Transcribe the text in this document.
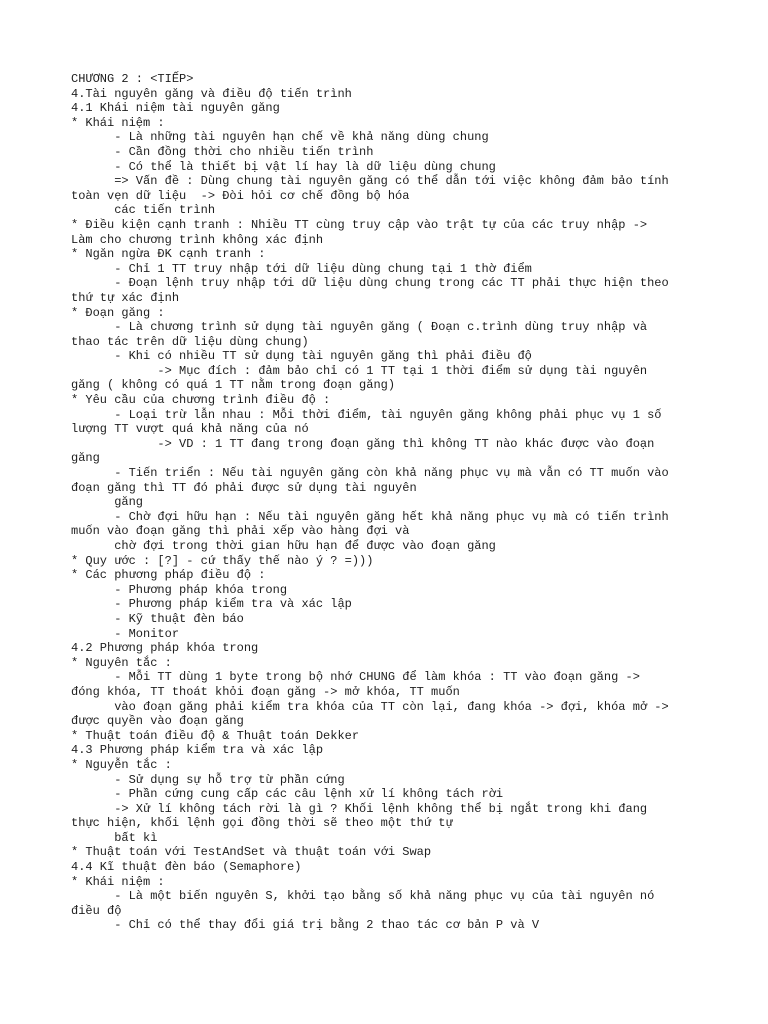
CHƯƠNG 2 : <TIẾP>
4.Tài nguyên găng và điều độ tiến trình
4.1 Khái niệm tài nguyên găng
* Khái niệm :
- Là những tài nguyên hạn chế về khả năng dùng chung
- Cần đồng thời cho nhiều tiến trình
- Có thể là thiết bị vật lí hay là dữ liệu dùng chung
=> Vấn đề : Dùng chung tài nguyên găng có thể dẫn tới việc không đảm bảo tính
toàn vẹn dữ liệu  -> Đòi hỏi cơ chế đồng bộ hóa
các tiến trình
* Điều kiện cạnh tranh : Nhiều TT cùng truy cập vào trật tự của các truy nhập ->
Làm cho chương trình không xác định
* Ngăn ngừa ĐK cạnh tranh :
- Chỉ 1 TT truy nhập tới dữ liệu dùng chung tại 1 thờ điểm
- Đoạn lệnh truy nhập tới dữ liệu dùng chung trong các TT phải thực hiện theo
thứ tự xác định
* Đoạn găng :
- Là chương trình sử dụng tài nguyên găng ( Đoạn c.trình dùng truy nhập và
thao tác trên dữ liệu dùng chung)
- Khi có nhiều TT sử dụng tài nguyên găng thì phải điều độ
-> Mục đích : đảm bảo chỉ có 1 TT tại 1 thời điểm sử dụng tài nguyên
găng ( không có quá 1 TT nằm trong đoạn găng)
* Yêu cầu của chương trình điều độ :
- Loại trừ lẫn nhau : Mỗi thời điểm, tài nguyên găng không phải phục vụ 1 số
lượng TT vượt quá khả năng của nó
-> VD : 1 TT đang trong đoạn găng thì không TT nào khác được vào đoạn
găng
- Tiến triển : Nếu tài nguyên găng còn khả năng phục vụ mà vẫn có TT muốn vào
đoạn găng thì TT đó phải được sử dụng tài nguyên
găng
- Chờ đợi hữu hạn : Nếu tài nguyên găng hết khả năng phục vụ mà có tiến trình
muốn vào đoạn găng thì phải xếp vào hàng đợi và
chờ đợi trong thời gian hữu hạn để được vào đoạn găng
* Quy ước : [?] - cứ thấy thế nào ý ? =)))
* Các phương pháp điều độ :
- Phương pháp khóa trong
- Phương pháp kiểm tra và xác lập
- Kỹ thuật đèn báo
- Monitor
4.2 Phương pháp khóa trong
* Nguyên tắc :
- Mỗi TT dùng 1 byte trong bộ nhớ CHUNG để làm khóa : TT vào đoạn găng ->
đóng khóa, TT thoát khỏi đoạn găng -> mở khóa, TT muốn
vào đoạn găng phải kiểm tra khóa của TT còn lại, đang khóa -> đợi, khóa mở ->
được quyền vào đoạn găng
* Thuật toán điều độ & Thuật toán Dekker
4.3 Phương pháp kiểm tra và xác lập
* Nguyễn tắc :
- Sử dụng sự hỗ trợ từ phần cứng
- Phần cứng cung cấp các câu lệnh xử lí không tách rời
-> Xử lí không tách rời là gì ? Khối lệnh không thể bị ngắt trong khi đang
thực hiện, khối lệnh gọi đồng thời sẽ theo một thứ tự
bất kì
* Thuật toán với TestAndSet và thuật toán với Swap
4.4 Kĩ thuật đèn báo (Semaphore)
* Khái niệm :
- Là một biến nguyên S, khởi tạo bằng số khả năng phục vụ của tài nguyên nó
điều độ
- Chỉ có thể thay đổi giá trị bằng 2 thao tác cơ bản P và V
